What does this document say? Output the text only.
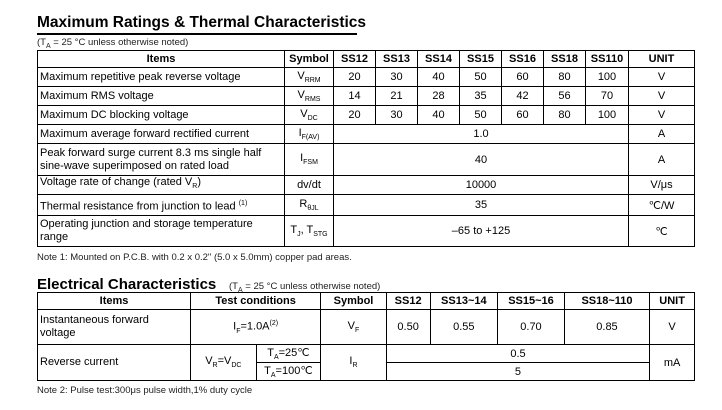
Maximum Ratings & Thermal Characteristics
($T_A = 25$ °C unless otherwise noted)
Items	Symbol	SS12	SS13	SS14	SS15	SS16	SS18	SS110	UNIT
Maximum repetitive peak reverse voltage	$V_{RRM}$	20	30	40	50	60	80	100	V
Maximum RMS voltage	$V_{RMS}$	14	21	28	35	42	56	70	V
Maximum DC blocking voltage	$V_{DC}$	20	30	40	50	60	80	100	V
Maximum average forward rectified current	$I_{F(AV)}$	1.0							A
Peak forward surge current 8.3 ms single half sine-wave superimposed on rated load	$I_{FSM}$	40							A
Voltage rate of change (rated $V_R$)	dv/dt	10000							V/μs
Thermal resistance from junction to lead $^{(1)}$	$R_{\theta JL}$	35							℃/W
Operating junction and storage temperature range	$T_J$, $T_{STG}$	–65 to +125							℃
Note 1: Mounted on P.C.B. with 0.2 x 0.2" (5.0 x 5.0mm) copper pad areas.
Electrical Characteristics ($T_A = 25$ °C unless otherwise noted)
Items	Test conditions		Symbol	SS12	SS13~14	SS15~16	SS18~110	UNIT
Instantaneous forward voltage	$I_F=1.0A^{(2)}$		$V_F$	0.50	0.55	0.70	0.85	V
Reverse current	$V_R=V_{DC}$	$T_A=25℃$	$I_R$	0.5				mA
		$T_A=100℃$		5				
Note 2: Pulse test:300μs pulse width,1% duty cycle
